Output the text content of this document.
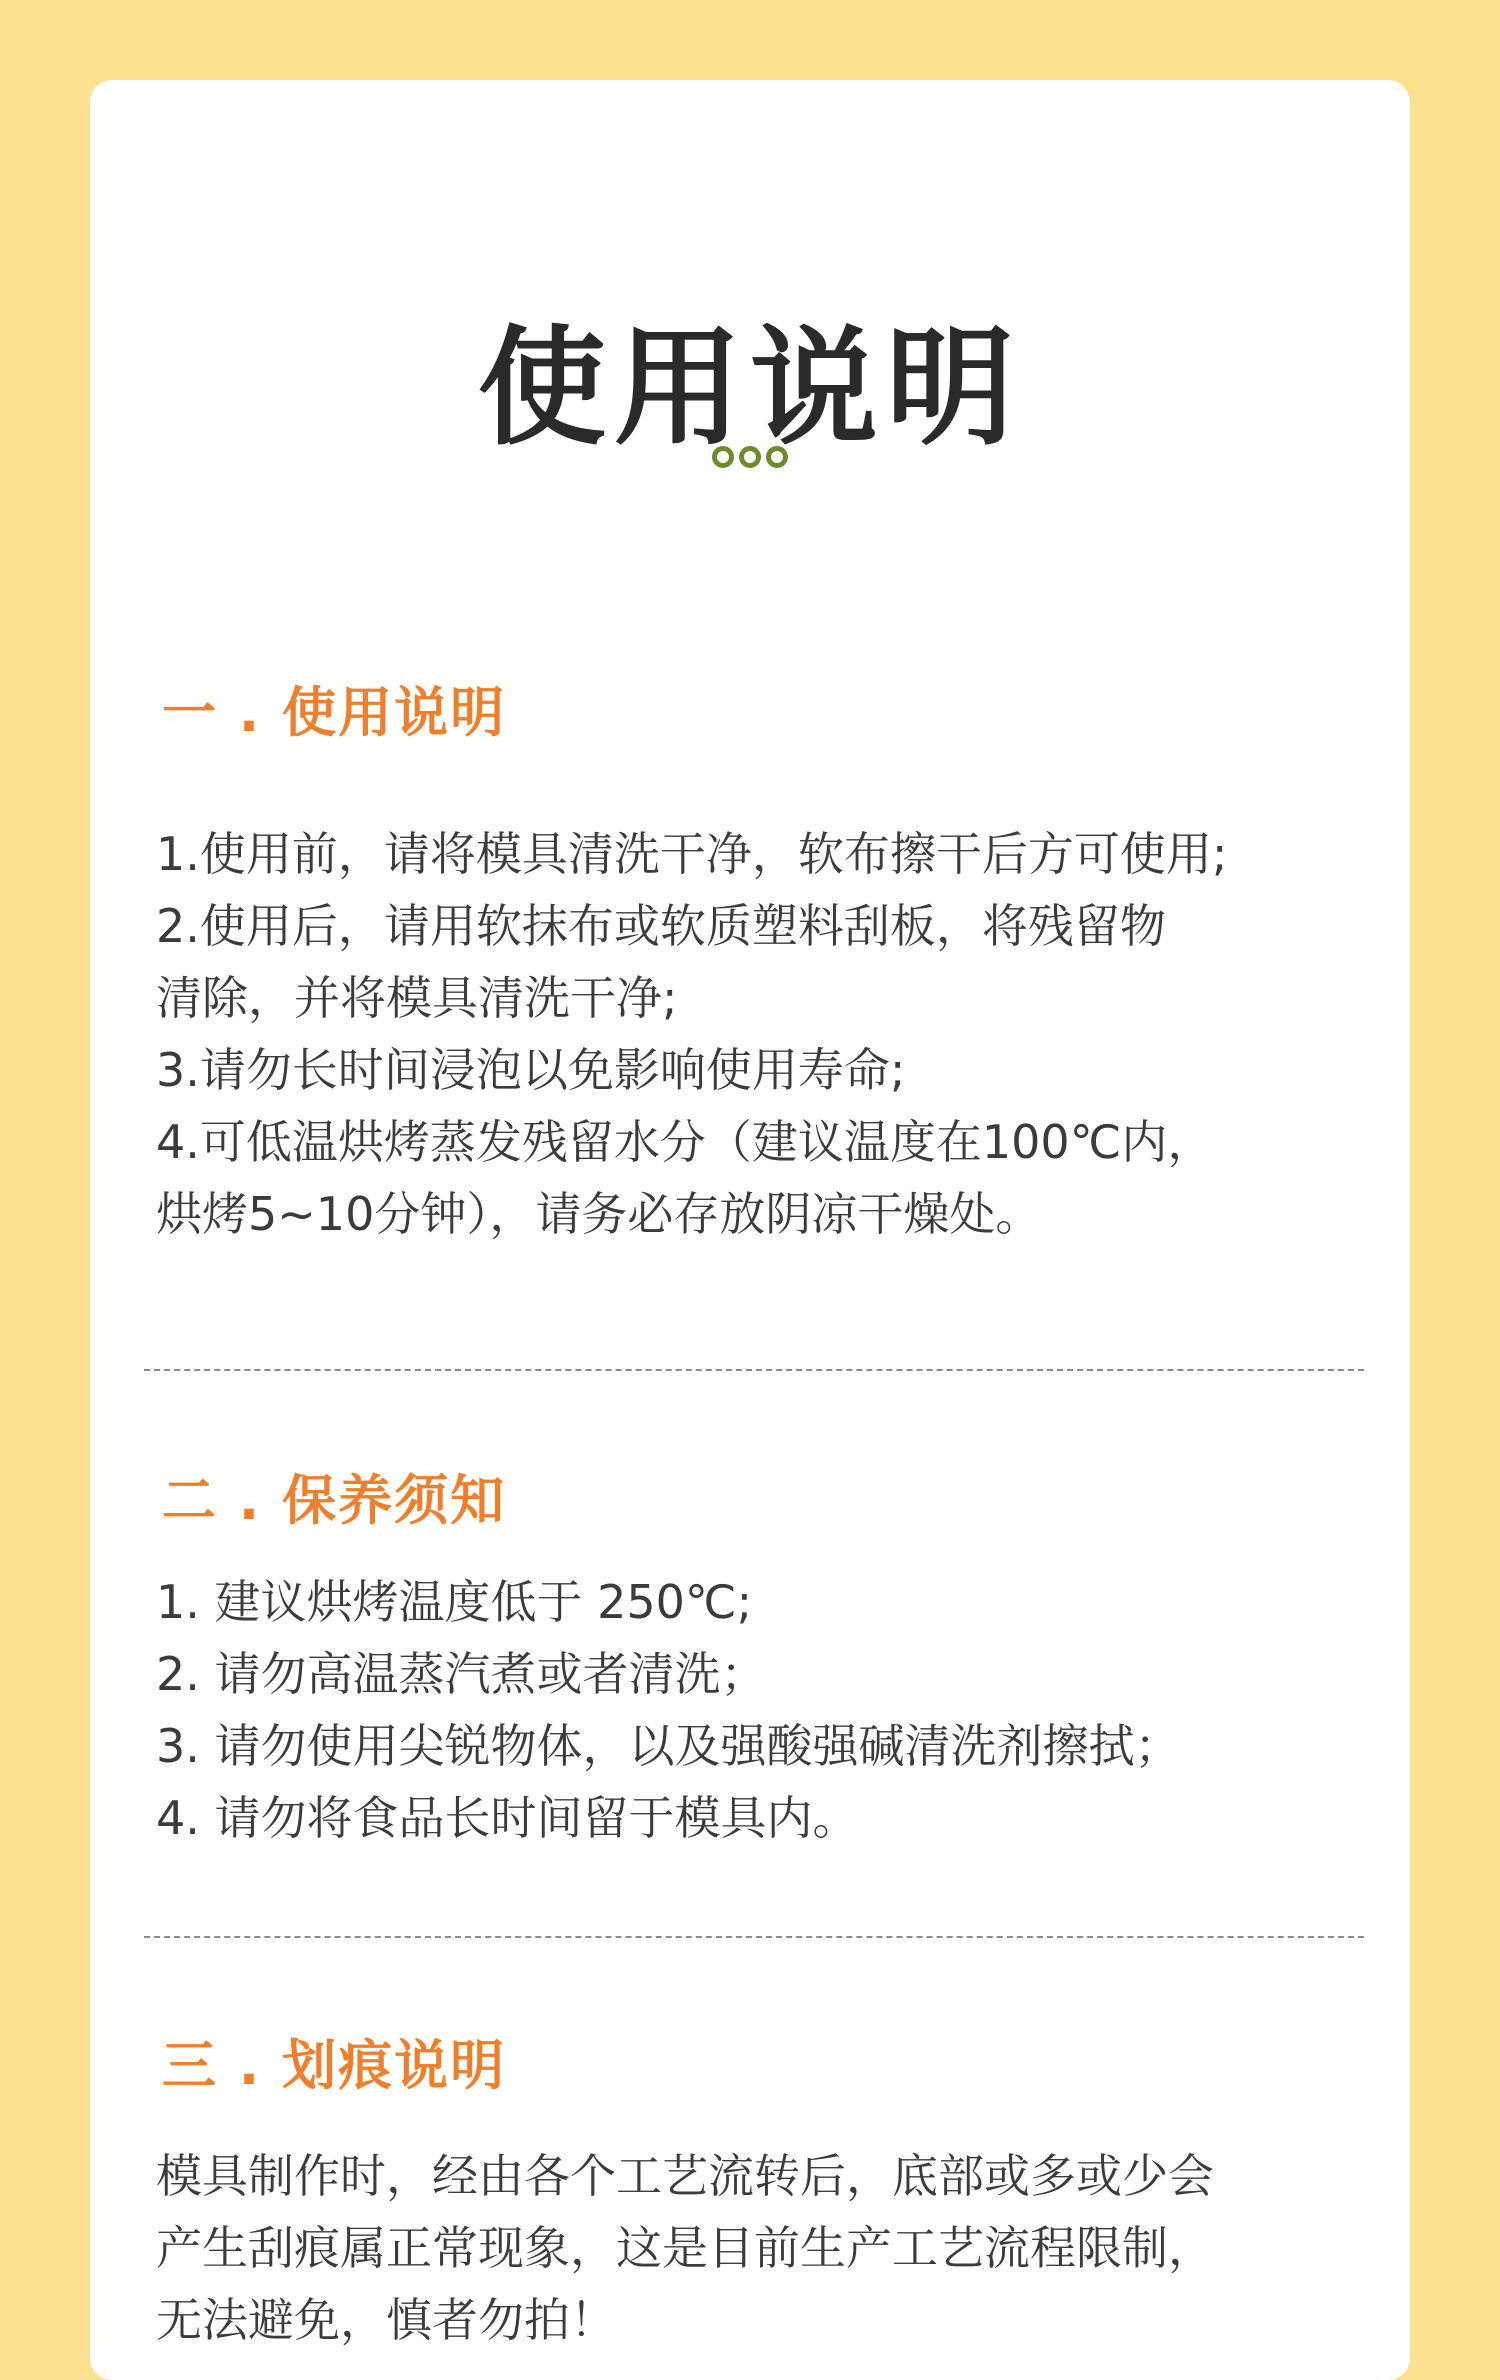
使用说明
一 . 使用说明
1.使用前，请将模具清洗干净，软布擦干后方可使用;
2.使用后，请用软抹布或软质塑料刮板，将残留物
清除，并将模具清洗干净;
3.请勿长时间浸泡以免影响使用寿命;
4.可低温烘烤蒸发残留水分（建议温度在100℃内，
烘烤5~10分钟），请务必存放阴凉干燥处。
二 . 保养须知
1. 建议烘烤温度低于 250℃;
2. 请勿高温蒸汽煮或者清洗；
3. 请勿使用尖锐物体，以及强酸强碱清洗剂擦拭；
4. 请勿将食品长时间留于模具内。
三 . 划痕说明
模具制作时，经由各个工艺流转后，底部或多或少会
产生刮痕属正常现象，这是目前生产工艺流程限制，
无法避免，慎者勿拍！
